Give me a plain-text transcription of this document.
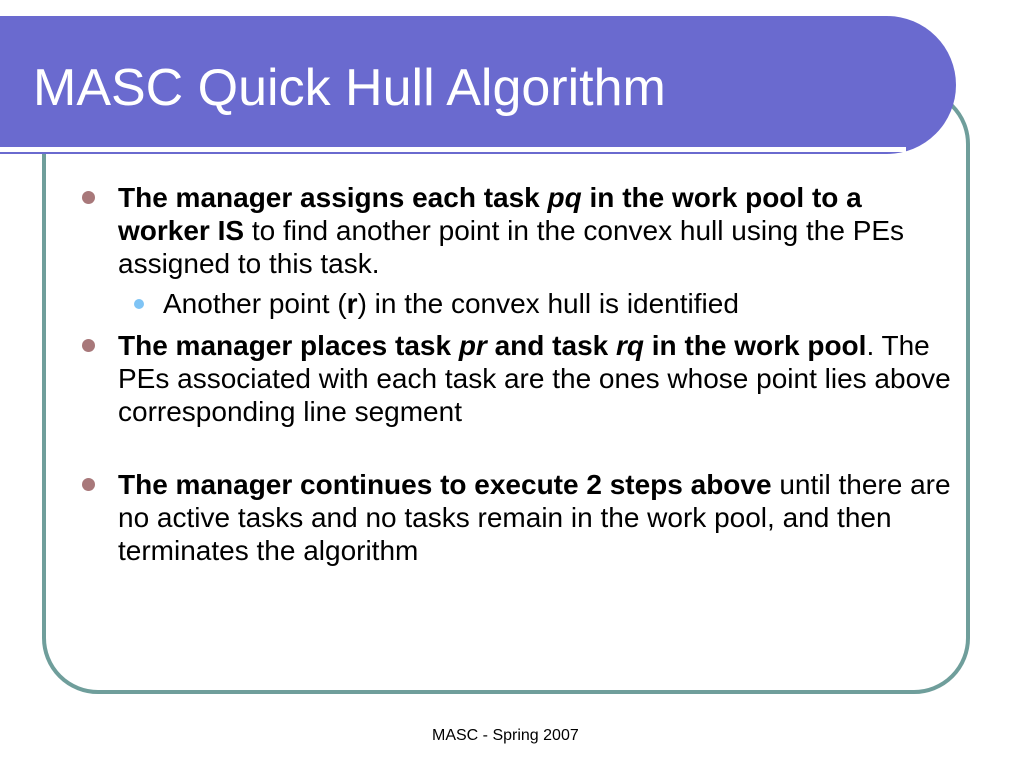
MASC Quick Hull Algorithm
The manager assigns each task pq in the work pool to a worker IS to find another point in the convex hull using the PEs assigned to this task.
Another point (r) in the convex hull is identified
The manager places task pr and task rq in the work pool. The PEs associated with each task are the ones whose point lies above corresponding line segment
The manager continues to execute 2 steps above until there are no active tasks and no tasks remain in the work pool, and then terminates the algorithm
MASC - Spring 2007
